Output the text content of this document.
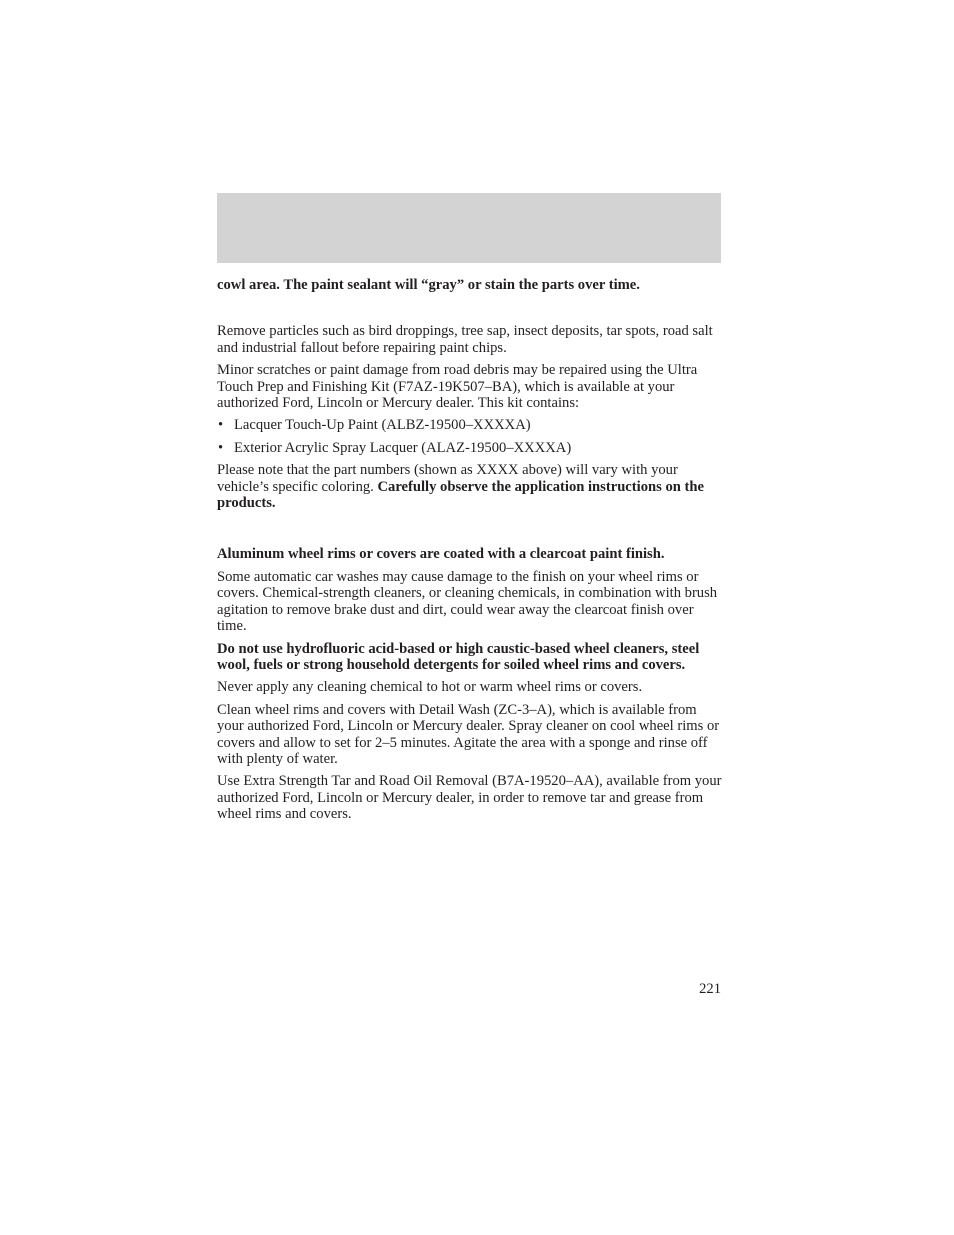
cowl area. The paint sealant will “gray” or stain the parts over time.

Remove particles such as bird droppings, tree sap, insect deposits, tar spots, road salt and industrial fallout before repairing paint chips.

Minor scratches or paint damage from road debris may be repaired using the Ultra Touch Prep and Finishing Kit (F7AZ-19K507–BA), which is available at your authorized Ford, Lincoln or Mercury dealer. This kit contains:

• Lacquer Touch-Up Paint (ALBZ-19500–XXXXA)
• Exterior Acrylic Spray Lacquer (ALAZ-19500–XXXXA)

Please note that the part numbers (shown as XXXX above) will vary with your vehicle’s specific coloring. Carefully observe the application instructions on the products.

Aluminum wheel rims or covers are coated with a clearcoat paint finish.

Some automatic car washes may cause damage to the finish on your wheel rims or covers. Chemical-strength cleaners, or cleaning chemicals, in combination with brush agitation to remove brake dust and dirt, could wear away the clearcoat finish over time.

Do not use hydrofluoric acid-based or high caustic-based wheel cleaners, steel wool, fuels or strong household detergents for soiled wheel rims and covers.

Never apply any cleaning chemical to hot or warm wheel rims or covers.

Clean wheel rims and covers with Detail Wash (ZC-3–A), which is available from your authorized Ford, Lincoln or Mercury dealer. Spray cleaner on cool wheel rims or covers and allow to set for 2–5 minutes. Agitate the area with a sponge and rinse off with plenty of water.

Use Extra Strength Tar and Road Oil Removal (B7A-19520–AA), available from your authorized Ford, Lincoln or Mercury dealer, in order to remove tar and grease from wheel rims and covers.

221
